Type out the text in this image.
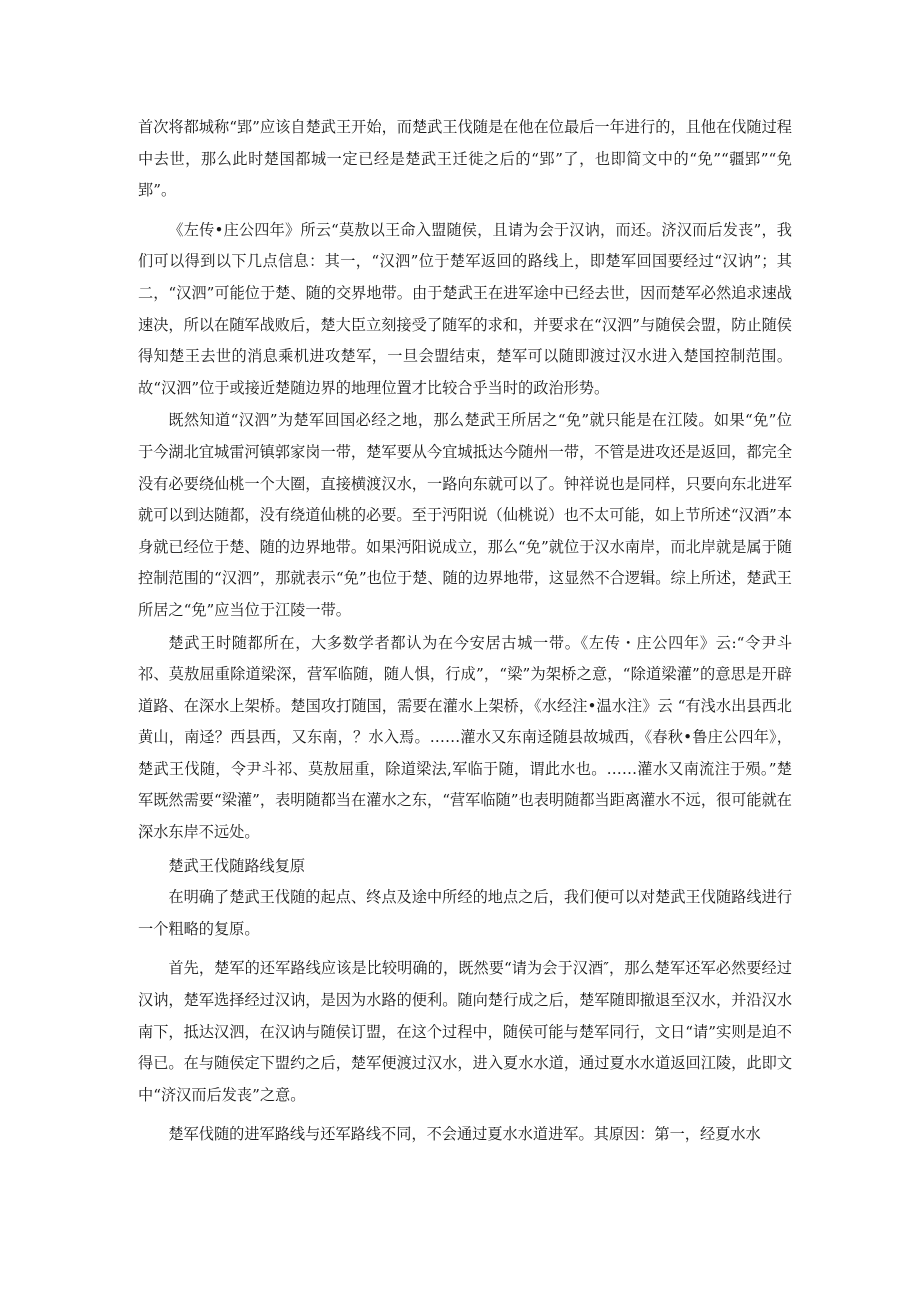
首次将都城称“郢”应该自楚武王开始，而楚武王伐随是在他在位最后一年进行的，且他在伐随过程中去世，那么此时楚国都城一定已经是楚武王迁徙之后的“郢”了，也即简文中的“免”“疆郢”“免郢”。

《左传•庄公四年》所云“莫敖以王命入盟随侯，且请为会于汉讷，而还。济汉而后发丧”，我们可以得到以下几点信息：其一，“汉泗”位于楚军返回的路线上，即楚军回国要经过“汉讷”；其二，“汉泗”可能位于楚、随的交界地带。由于楚武王在进军途中已经去世，因而楚军必然追求速战速决，所以在随军战败后，楚大臣立刻接受了随军的求和，并要求在“汉泗”与随侯会盟，防止随侯得知楚王去世的消息乘机进攻楚军，一旦会盟结束，楚军可以随即渡过汉水进入楚国控制范围。故“汉泗”位于或接近楚随边界的地理位置才比较合乎当时的政治形势。

既然知道“汉泗”为楚军回国必经之地，那么楚武王所居之“免”就只能是在江陵。如果“免”位于今湖北宜城雷河镇郭家岗一带，楚军要从今宜城抵达今随州一带，不管是进攻还是返回，都完全没有必要绕仙桃一个大圈，直接横渡汉水，一路向东就可以了。钟祥说也是同样，只要向东北进军就可以到达随都，没有绕道仙桃的必要。至于沔阳说（仙桃说）也不太可能，如上节所述“汉酒”本身就已经位于楚、随的边界地带。如果沔阳说成立，那么“免”就位于汉水南岸，而北岸就是属于随控制范围的“汉泗”，那就表示“免”也位于楚、随的边界地带，这显然不合逻辑。综上所述，楚武王所居之“免”应当位于江陵一带。

楚武王时随都所在，大多数学者都认为在今安居古城一带。《左传・庄公四年》云:“令尹斗祁、莫敖屈重除道梁深，营军临随，随人惧，行成”，“梁”为架桥之意，“除道梁灌”的意思是开辟道路、在深水上架桥。楚国攻打随国，需要在灌水上架桥，《水经注•温水注》云 “有浅水出县西北黄山，南迳？西县西，又东南，？水入焉。……灌水又东南迳随县故城西，《春秋•鲁庄公四年》，楚武王伐随，令尹斗祁、莫敖屈重，除道梁法,军临于随，谓此水也。……灌水又南流注于殒。”楚军既然需要“梁灌”，表明随都当在灌水之东，“营军临随”也表明随都当距离灌水不远，很可能就在深水东岸不远处。

楚武王伐随路线复原

在明确了楚武王伐随的起点、终点及途中所经的地点之后，我们便可以对楚武王伐随路线进行一个粗略的复原。

首先，楚军的还军路线应该是比较明确的，既然要“请为会于汉酒″，那么楚军还军必然要经过汉讷，楚军选择经过汉讷，是因为水路的便利。随向楚行成之后，楚军随即撤退至汉水，并沿汉水南下，抵达汉泗，在汉讷与随侯订盟，在这个过程中，随侯可能与楚军同行，文日“请”实则是迫不得已。在与随侯定下盟约之后，楚军便渡过汉水，进入夏水水道，通过夏水水道返回江陵，此即文中“济汉而后发丧”之意。

楚军伐随的进军路线与还军路线不同，不会通过夏水水道进军。其原因：第一，经夏水水
